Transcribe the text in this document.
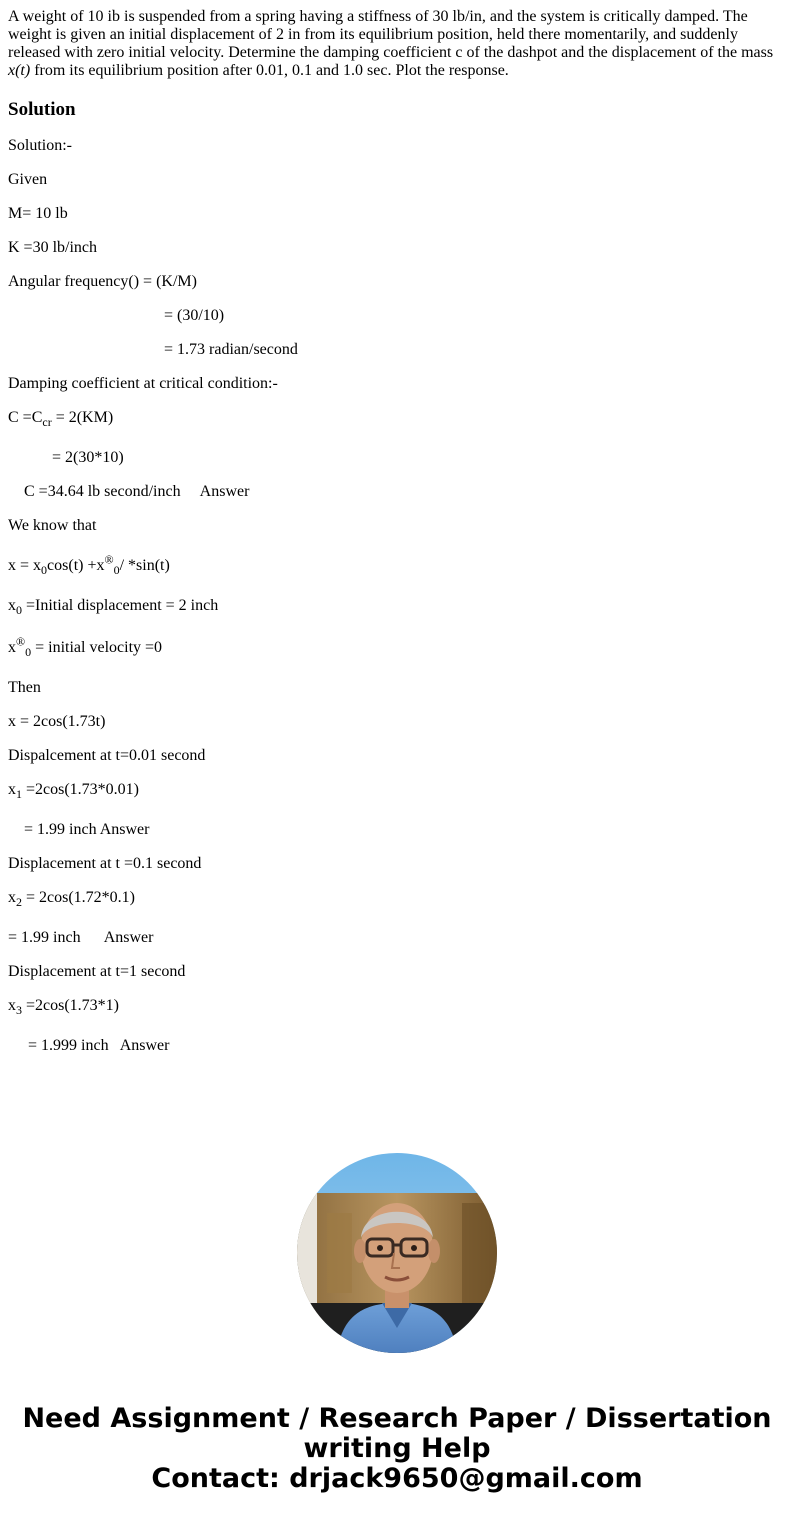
A weight of 10 ib is suspended from a spring having a stiffness of 30 lb/in, and the system is critically damped. The weight is given an initial displacement of 2 in from its equilibrium position, held there momentarily, and suddenly released with zero initial velocity. Determine the damping coefficient c of the dashpot and the displacement of the mass x(t) from its equilibrium position after 0.01, 0.1 and 1.0 sec. Plot the response.

Solution

Solution:-

Given

M= 10 lb

K =30 lb/inch

Angular frequency() = (K/M)

= (30/10)

= 1.73 radian/second

Damping coefficient at critical condition:-

$C =C_{cr} = 2(KM)$

= 2(30*10)

C =34.64 lb second/inch     Answer

We know that

$x = x_0\cos(t) +x®_0/$ *sin(t)

$x_0$ =Initial displacement = 2 inch

$x®_0$ = initial velocity =0

Then

x = 2cos(1.73t)

Dispalcement at t=0.01 second

$x_1 =2\cos(1.73*0.01)$

= 1.99 inch Answer

Displacement at t =0.1 second

$x_2 = 2\cos(1.72*0.1)$

= 1.99 inch      Answer

Displacement at t=1 second

$x_3 =2\cos(1.73*1)$

= 1.999 inch   Answer

Need Assignment / Research Paper / Dissertation
writing Help
Contact: drjack9650@gmail.com
